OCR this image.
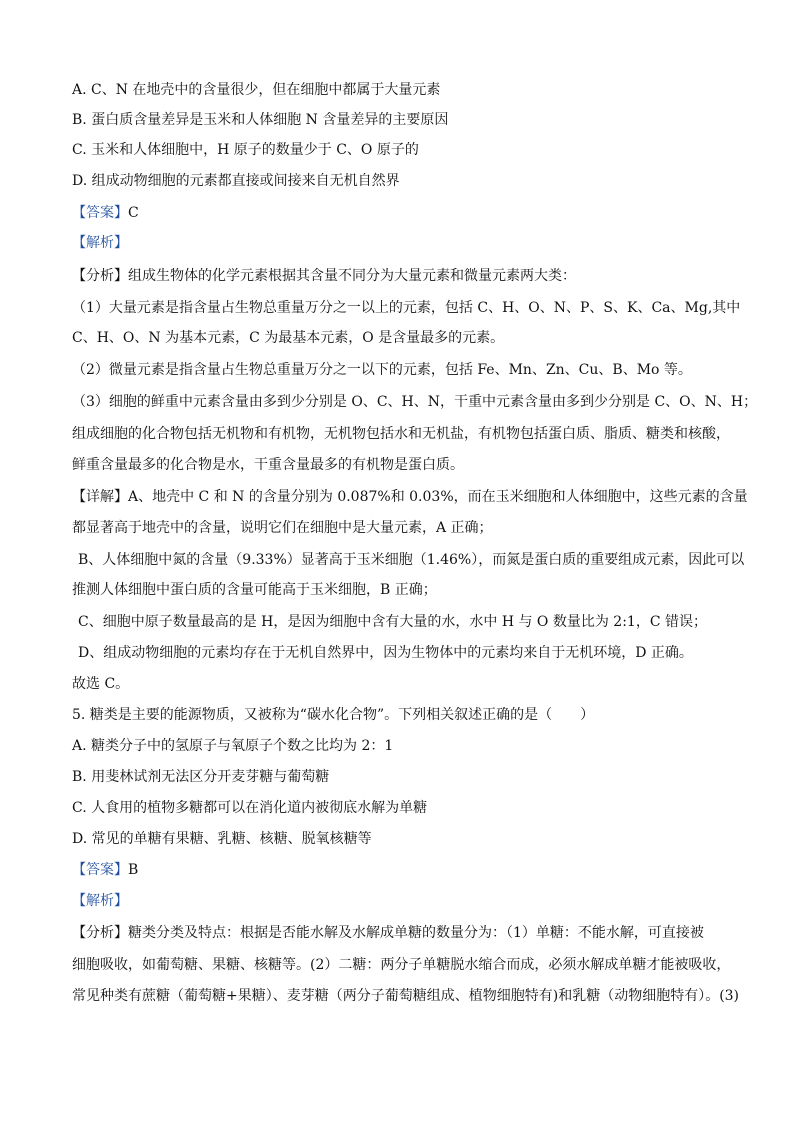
A. C、N 在地壳中的含量很少，但在细胞中都属于大量元素
B. 蛋白质含量差异是玉米和人体细胞 N 含量差异的主要原因
C. 玉米和人体细胞中，H 原子的数量少于 C、O 原子的
D. 组成动物细胞的元素都直接或间接来自无机自然界
【答案】C
【解析】
【分析】组成生物体的化学元素根据其含量不同分为大量元素和微量元素两大类：
（1）大量元素是指含量占生物总重量万分之一以上的元素，包括 C、H、O、N、P、S、K、Ca、Mg,其中
C、H、O、N 为基本元素，C 为最基本元素，O 是含量最多的元素。
（2）微量元素是指含量占生物总重量万分之一以下的元素，包括 Fe、Mn、Zn、Cu、B、Mo 等。
（3）细胞的鲜重中元素含量由多到少分别是 O、C、H、N，干重中元素含量由多到少分别是 C、O、N、H；
组成细胞的化合物包括无机物和有机物，无机物包括水和无机盐，有机物包括蛋白质、脂质、糖类和核酸，
鲜重含量最多的化合物是水，干重含量最多的有机物是蛋白质。
【详解】A、地壳中 C 和 N 的含量分别为 0.087%和 0.03%，而在玉米细胞和人体细胞中，这些元素的含量
都显著高于地壳中的含量，说明它们在细胞中是大量元素，A 正确；
B、人体细胞中氮的含量（9.33%）显著高于玉米细胞（1.46%），而氮是蛋白质的重要组成元素，因此可以
推测人体细胞中蛋白质的含量可能高于玉米细胞，B 正确；
C、细胞中原子数量最高的是 H，是因为细胞中含有大量的水，水中 H 与 O 数量比为 2:1，C 错误；
D、组成动物细胞的元素均存在于无机自然界中，因为生物体中的元素均来自于无机环境，D 正确。
故选 C。
5. 糖类是主要的能源物质，又被称为“碳水化合物”。下列相关叙述正确的是（　　）
A. 糖类分子中的氢原子与氧原子个数之比均为 2：1
B. 用斐林试剂无法区分开麦芽糖与葡萄糖
C. 人食用的植物多糖都可以在消化道内被彻底水解为单糖
D. 常见的单糖有果糖、乳糖、核糖、脱氧核糖等
【答案】B
【解析】
【分析】糖类分类及特点：根据是否能水解及水解成单糖的数量分为：（1）单糖：不能水解，可直接被
细胞吸收，如葡萄糖、果糖、核糖等。(2）二糖：两分子单糖脱水缩合而成，必须水解成单糖才能被吸收，
常见种类有蔗糖（葡萄糖+果糖）、麦芽糖（两分子葡萄糖组成、植物细胞特有)和乳糖（动物细胞特有）。(3)
